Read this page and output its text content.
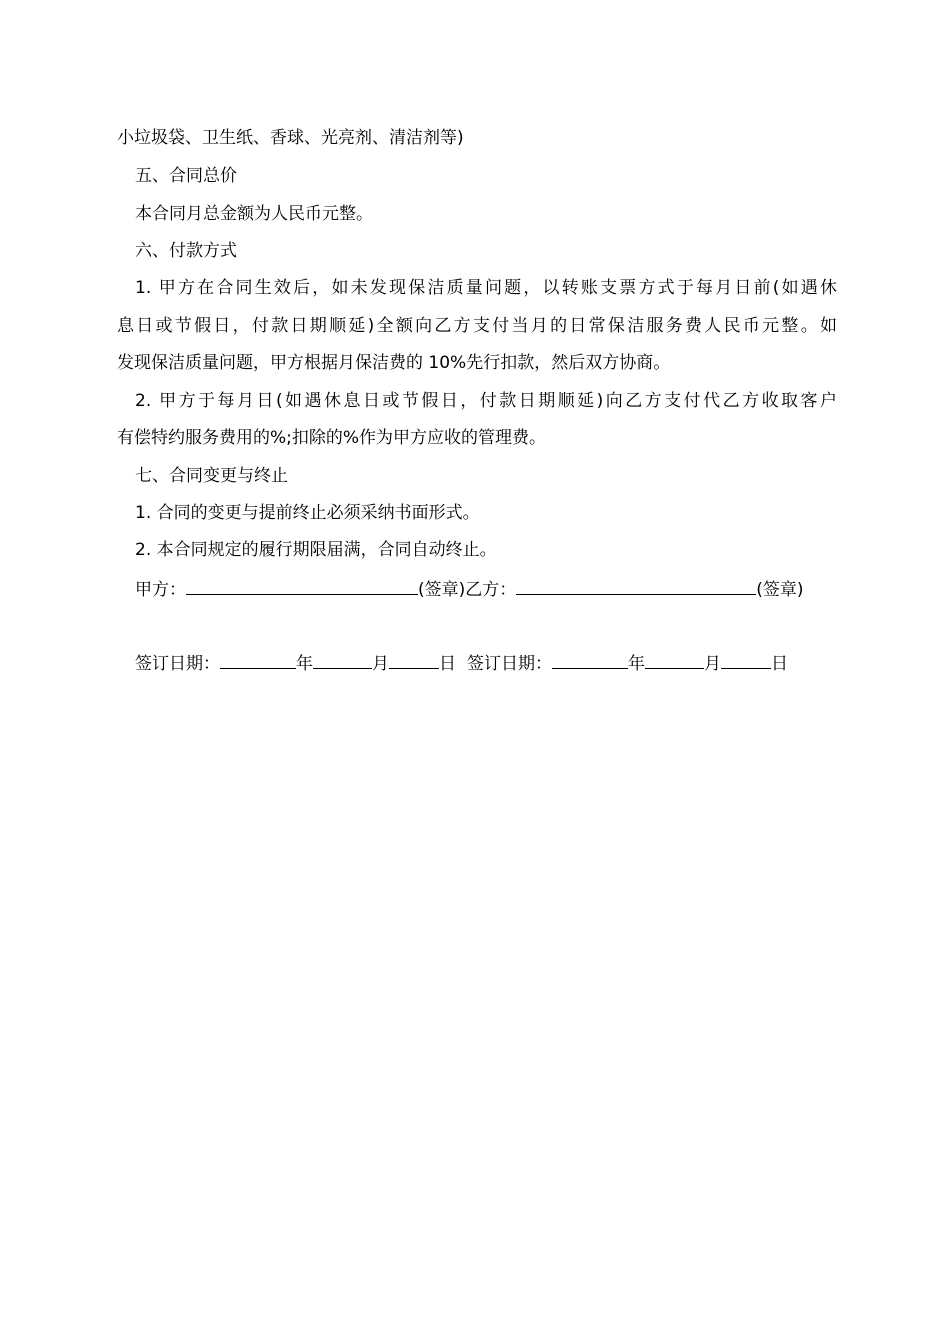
小垃圾袋、卫生纸、香球、光亮剂、清洁剂等)
五、合同总价
本合同月总金额为人民币元整。
六、付款方式
1. 甲方在合同生效后，如未发现保洁质量问题，以转账支票方式于每月日前(如遇休
息日或节假日，付款日期顺延)全额向乙方支付当月的日常保洁服务费人民币元整。如
发现保洁质量问题，甲方根据月保洁费的 10%先行扣款，然后双方协商。
2. 甲方于每月日(如遇休息日或节假日，付款日期顺延)向乙方支付代乙方收取客户
有偿特约服务费用的%;扣除的%作为甲方应收的管理费。
七、合同变更与终止
1. 合同的变更与提前终止必须采纳书面形式。
2. 本合同规定的履行期限届满，合同自动终止。
甲方：	(签章)乙方：	(签章)
签订日期：	年	月	日 签订日期：	年	月	日
